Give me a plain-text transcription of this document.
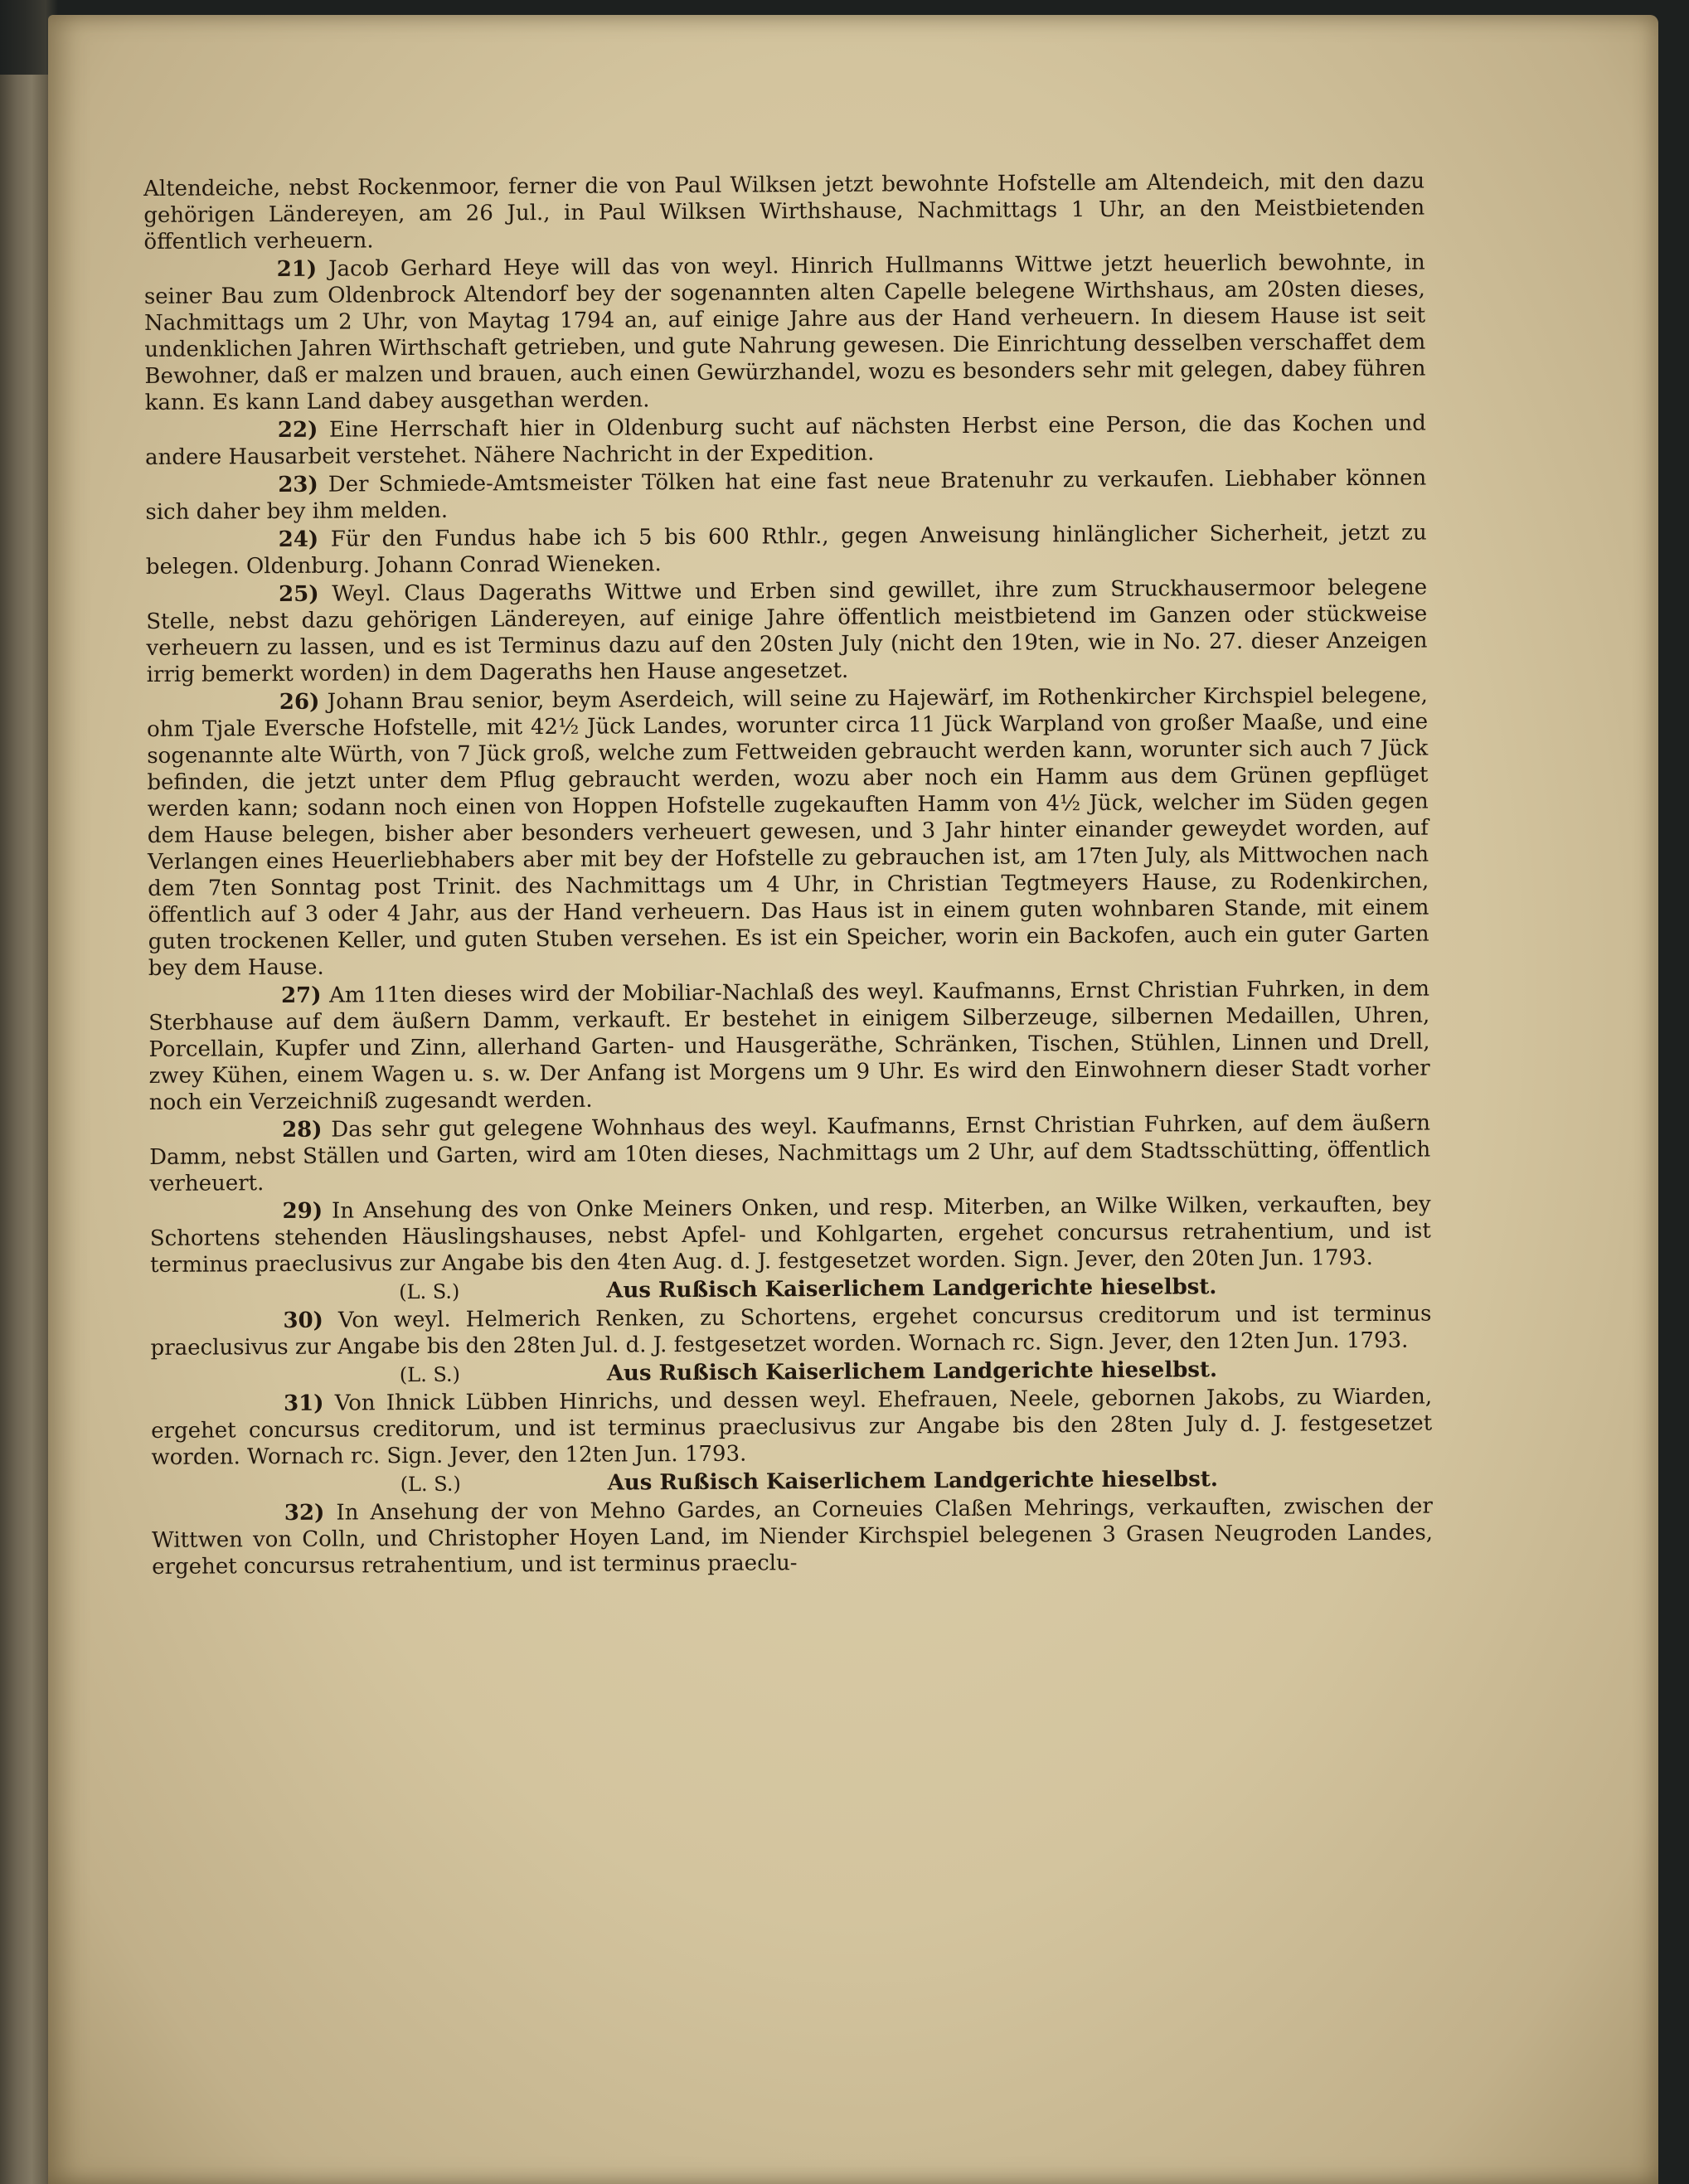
Altendeiche, nebst Rockenmoor, ferner die von Paul Wilksen jetzt bewohnte Hofstelle am Altendeich, mit den dazu gehörigen Ländereyen, am 26 Jul., in Paul Wilksen Wirthshause, Nachmittags 1 Uhr, an den Meistbietenden öffentlich verheuern.

21) Jacob Gerhard Heye will das von weyl. Hinrich Hullmanns Wittwe jetzt heuerlich bewohnte, in seiner Bau zum Oldenbrock Altendorf bey der sogenannten alten Capelle belegene Wirthshaus, am 20sten dieses, Nachmittags um 2 Uhr, von Maytag 1794 an, auf einige Jahre aus der Hand verheuern. In diesem Hause ist seit undenklichen Jahren Wirthschaft getrieben, und gute Nahrung gewesen. Die Einrichtung desselben verschaffet dem Bewohner, daß er malzen und brauen, auch einen Gewürzhandel, wozu es besonders sehr mit gelegen, dabey führen kann. Es kann Land dabey ausgethan werden.

22) Eine Herrschaft hier in Oldenburg sucht auf nächsten Herbst eine Person, die das Kochen und andere Hausarbeit verstehet. Nähere Nachricht in der Expedition.

23) Der Schmiede-Amtsmeister Tölken hat eine fast neue Bratenuhr zu verkaufen. Liebhaber können sich daher bey ihm melden.

24) Für den Fundus habe ich 5 bis 600 Rthlr., gegen Anweisung hinlänglicher Sicherheit, jetzt zu belegen. Oldenburg. Johann Conrad Wieneken.

25) Weyl. Claus Dageraths Wittwe und Erben sind gewillet, ihre zum Struckhausermoor belegene Stelle, nebst dazu gehörigen Ländereyen, auf einige Jahre öffentlich meistbietend im Ganzen oder stückweise verheuern zu lassen, und es ist Terminus dazu auf den 20sten July (nicht den 19ten, wie in No. 27. dieser Anzeigen irrig bemerkt worden) in dem Dageraths hen Hause angesetzet.

26) Johann Brau senior, beym Aserdeich, will seine zu Hajewärf, im Rothenkircher Kirchspiel belegene, ohm Tjale Eversche Hofstelle, mit 42½ Jück Landes, worunter circa 11 Jück Warpland von großer Maaße, und eine sogenannte alte Würth, von 7 Jück groß, welche zum Fettweiden gebraucht werden kann, worunter sich auch 7 Jück befinden, die jetzt unter dem Pflug gebraucht werden, wozu aber noch ein Hamm aus dem Grünen gepflüget werden kann; sodann noch einen von Hoppen Hofstelle zugekauften Hamm von 4½ Jück, welcher im Süden gegen dem Hause belegen, bisher aber besonders verheuert gewesen, und 3 Jahr hinter einander geweydet worden, auf Verlangen eines Heuerliebhabers aber mit bey der Hofstelle zu gebrauchen ist, am 17ten July, als Mittwochen nach dem 7ten Sonntag post Trinit. des Nachmittags um 4 Uhr, in Christian Tegtmeyers Hause, zu Rodenkirchen, öffentlich auf 3 oder 4 Jahr, aus der Hand verheuern. Das Haus ist in einem guten wohnbaren Stande, mit einem guten trockenen Keller, und guten Stuben versehen. Es ist ein Speicher, worin ein Backofen, auch ein guter Garten bey dem Hause.

27) Am 11ten dieses wird der Mobiliar-Nachlaß des weyl. Kaufmanns, Ernst Christian Fuhrken, in dem Sterbhause auf dem äußern Damm, verkauft. Er bestehet in einigem Silberzeuge, silbernen Medaillen, Uhren, Porcellain, Kupfer und Zinn, allerhand Garten- und Hausgeräthe, Schränken, Tischen, Stühlen, Linnen und Drell, zwey Kühen, einem Wagen u. s. w. Der Anfang ist Morgens um 9 Uhr. Es wird den Einwohnern dieser Stadt vorher noch ein Verzeichniß zugesandt werden.

28) Das sehr gut gelegene Wohnhaus des weyl. Kaufmanns, Ernst Christian Fuhrken, auf dem äußern Damm, nebst Ställen und Garten, wird am 10ten dieses, Nachmittags um 2 Uhr, auf dem Stadtsschütting, öffentlich verheuert.

29) In Ansehung des von Onke Meiners Onken, und resp. Miterben, an Wilke Wilken, verkauften, bey Schortens stehenden Häuslingshauses, nebst Apfel- und Kohlgarten, ergehet concursus retrahentium, und ist terminus praeclusivus zur Angabe bis den 4ten Aug. d. J. festgesetzet worden. Sign. Jever, den 20ten Jun. 1793.

(L. S.)	Aus Rußisch Kaiserlichem Landgerichte hieselbst.

30) Von weyl. Helmerich Renken, zu Schortens, ergehet concursus creditorum und ist terminus praeclusivus zur Angabe bis den 28ten Jul. d. J. festgesetzet worden. Wornach rc. Sign. Jever, den 12ten Jun. 1793.

(L. S.)	Aus Rußisch Kaiserlichem Landgerichte hieselbst.

31) Von Ihnick Lübben Hinrichs, und dessen weyl. Ehefrauen, Neele, gebornen Jakobs, zu Wiarden, ergehet concursus creditorum, und ist terminus praeclusivus zur Angabe bis den 28ten July d. J. festgesetzet worden. Wornach rc. Sign. Jever, den 12ten Jun. 1793.

(L. S.)	Aus Rußisch Kaiserlichem Landgerichte hieselbst.

32) In Ansehung der von Mehno Gardes, an Corneuies Claßen Mehrings, verkauften, zwischen der Wittwen von Colln, und Christopher Hoyen Land, im Niender Kirchspiel belegenen 3 Grasen Neugroden Landes, ergehet concursus retrahentium, und ist terminus praeclu-
